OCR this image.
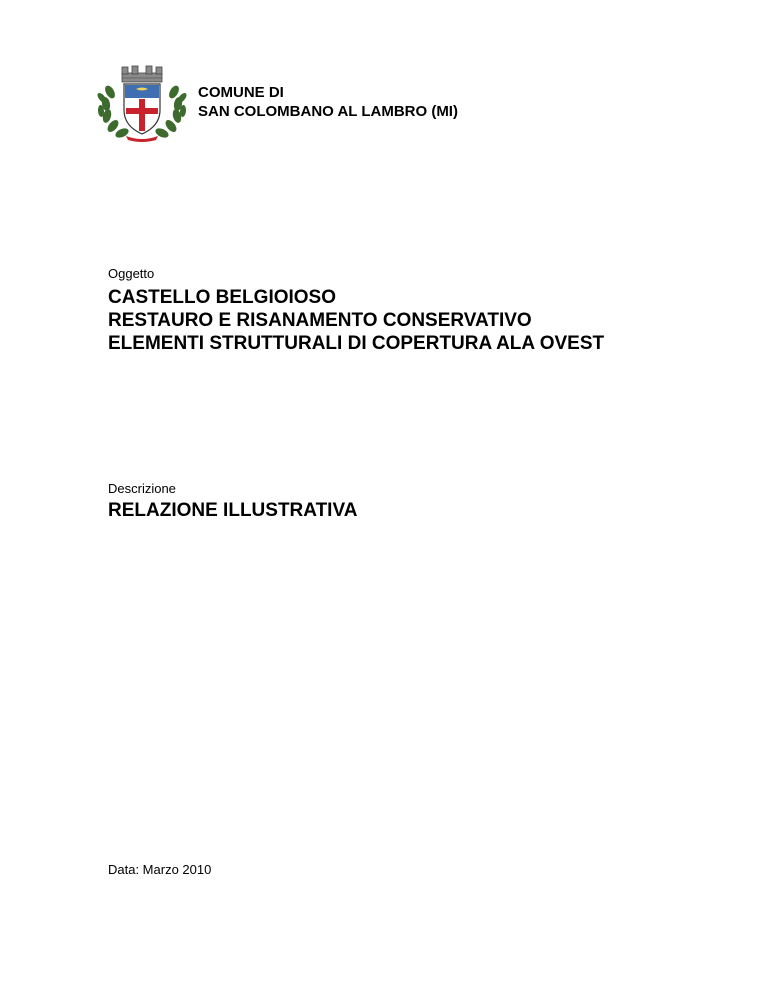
COMUNE DI
SAN COLOMBANO AL LAMBRO (MI)
Oggetto
CASTELLO BELGIOIOSO
RESTAURO E RISANAMENTO CONSERVATIVO
ELEMENTI STRUTTURALI DI COPERTURA ALA OVEST
Descrizione
RELAZIONE ILLUSTRATIVA
Data: Marzo 2010
